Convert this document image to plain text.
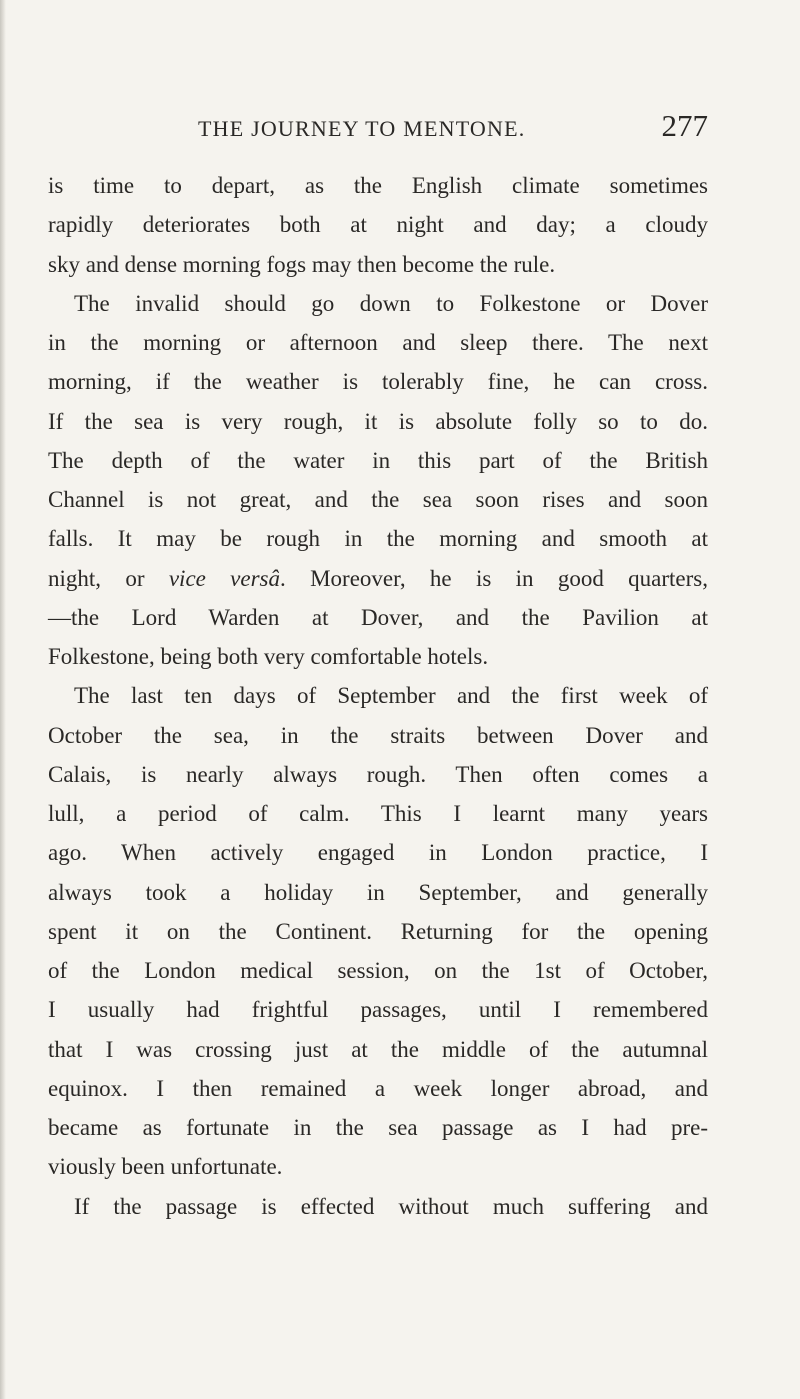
THE JOURNEY TO MENTONE.	277
is time to depart, as the English climate sometimes
rapidly deteriorates both at night and day; a cloudy
sky and dense morning fogs may then become the rule.
The invalid should go down to Folkestone or Dover
in the morning or afternoon and sleep there. The next
morning, if the weather is tolerably fine, he can cross.
If the sea is very rough, it is absolute folly so to do.
The depth of the water in this part of the British
Channel is not great, and the sea soon rises and soon
falls. It may be rough in the morning and smooth at
night, or vice versâ. Moreover, he is in good quarters,
—the Lord Warden at Dover, and the Pavilion at
Folkestone, being both very comfortable hotels.
The last ten days of September and the first week of
October the sea, in the straits between Dover and
Calais, is nearly always rough. Then often comes a
lull, a period of calm. This I learnt many years
ago. When actively engaged in London practice, I
always took a holiday in September, and generally
spent it on the Continent. Returning for the opening
of the London medical session, on the 1st of October,
I usually had frightful passages, until I remembered
that I was crossing just at the middle of the autumnal
equinox. I then remained a week longer abroad, and
became as fortunate in the sea passage as I had pre-
viously been unfortunate.
If the passage is effected without much suffering and
